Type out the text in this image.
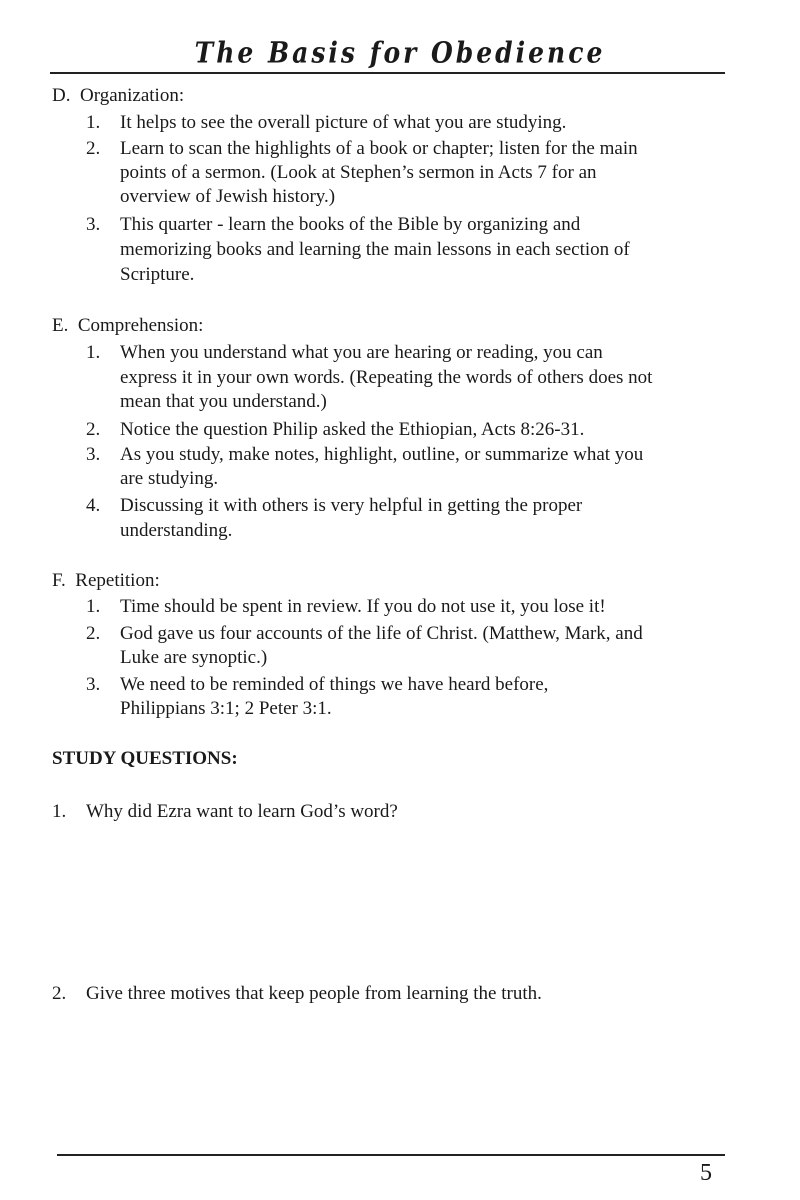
The Basis for Obedience
D. Organization:
1. It helps to see the overall picture of what you are studying.
2. Learn to scan the highlights of a book or chapter; listen for the main
points of a sermon. (Look at Stephen’s sermon in Acts 7 for an
overview of Jewish history.)
3. This quarter - learn the books of the Bible by organizing and
memorizing books and learning the main lessons in each section of
Scripture.
E. Comprehension:
1. When you understand what you are hearing or reading, you can
express it in your own words. (Repeating the words of others does not
mean that you understand.)
2. Notice the question Philip asked the Ethiopian, Acts 8:26-31.
3. As you study, make notes, highlight, outline, or summarize what you
are studying.
4. Discussing it with others is very helpful in getting the proper
understanding.
F. Repetition:
1. Time should be spent in review. If you do not use it, you lose it!
2. God gave us four accounts of the life of Christ. (Matthew, Mark, and
Luke are synoptic.)
3. We need to be reminded of things we have heard before,
Philippians 3:1; 2 Peter 3:1.
STUDY QUESTIONS:
1. Why did Ezra want to learn God’s word?
2. Give three motives that keep people from learning the truth.
5
